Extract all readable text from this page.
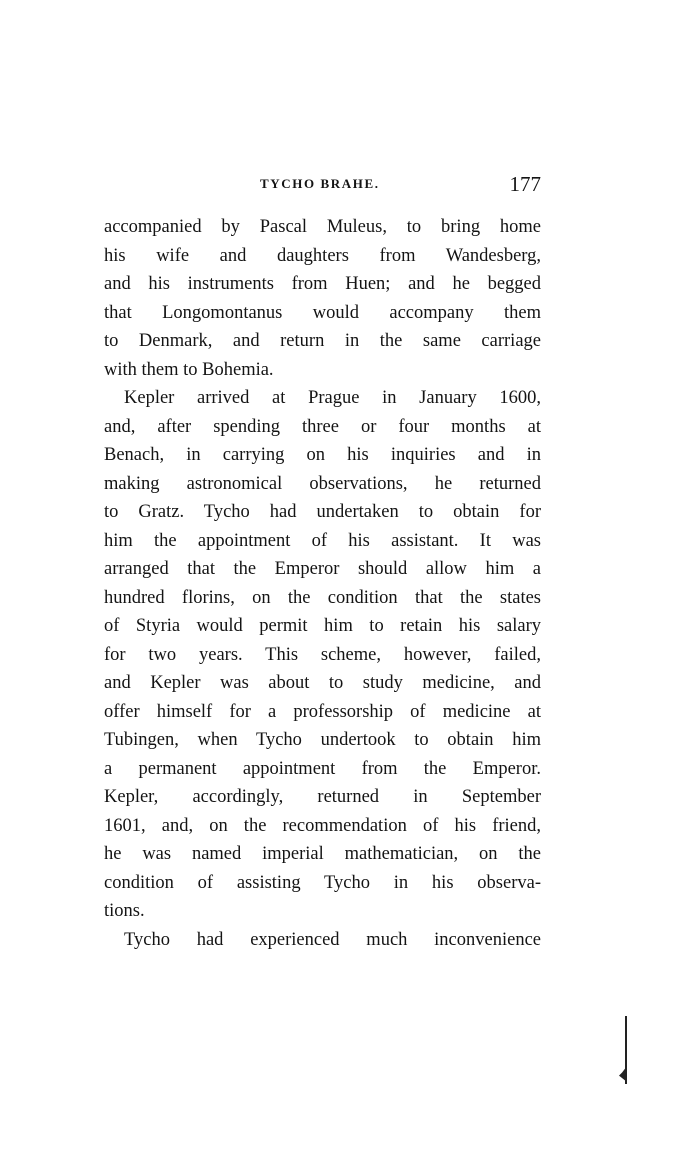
TYCHO BRAHE.	177
accompanied by Pascal Muleus, to bring home
his wife and daughters from Wandesberg,
and his instruments from Huen; and he begged
that Longomontanus would accompany them
to Denmark, and return in the same carriage
with them to Bohemia.
Kepler arrived at Prague in January 1600,
and, after spending three or four months at
Benach, in carrying on his inquiries and in
making astronomical observations, he returned
to Gratz. Tycho had undertaken to obtain for
him the appointment of his assistant. It was
arranged that the Emperor should allow him a
hundred florins, on the condition that the states
of Styria would permit him to retain his salary
for two years. This scheme, however, failed,
and Kepler was about to study medicine, and
offer himself for a professorship of medicine at
Tubingen, when Tycho undertook to obtain him
a permanent appointment from the Emperor.
Kepler, accordingly, returned in September
1601, and, on the recommendation of his friend,
he was named imperial mathematician, on the
condition of assisting Tycho in his observa-
tions.
Tycho had experienced much inconvenience
